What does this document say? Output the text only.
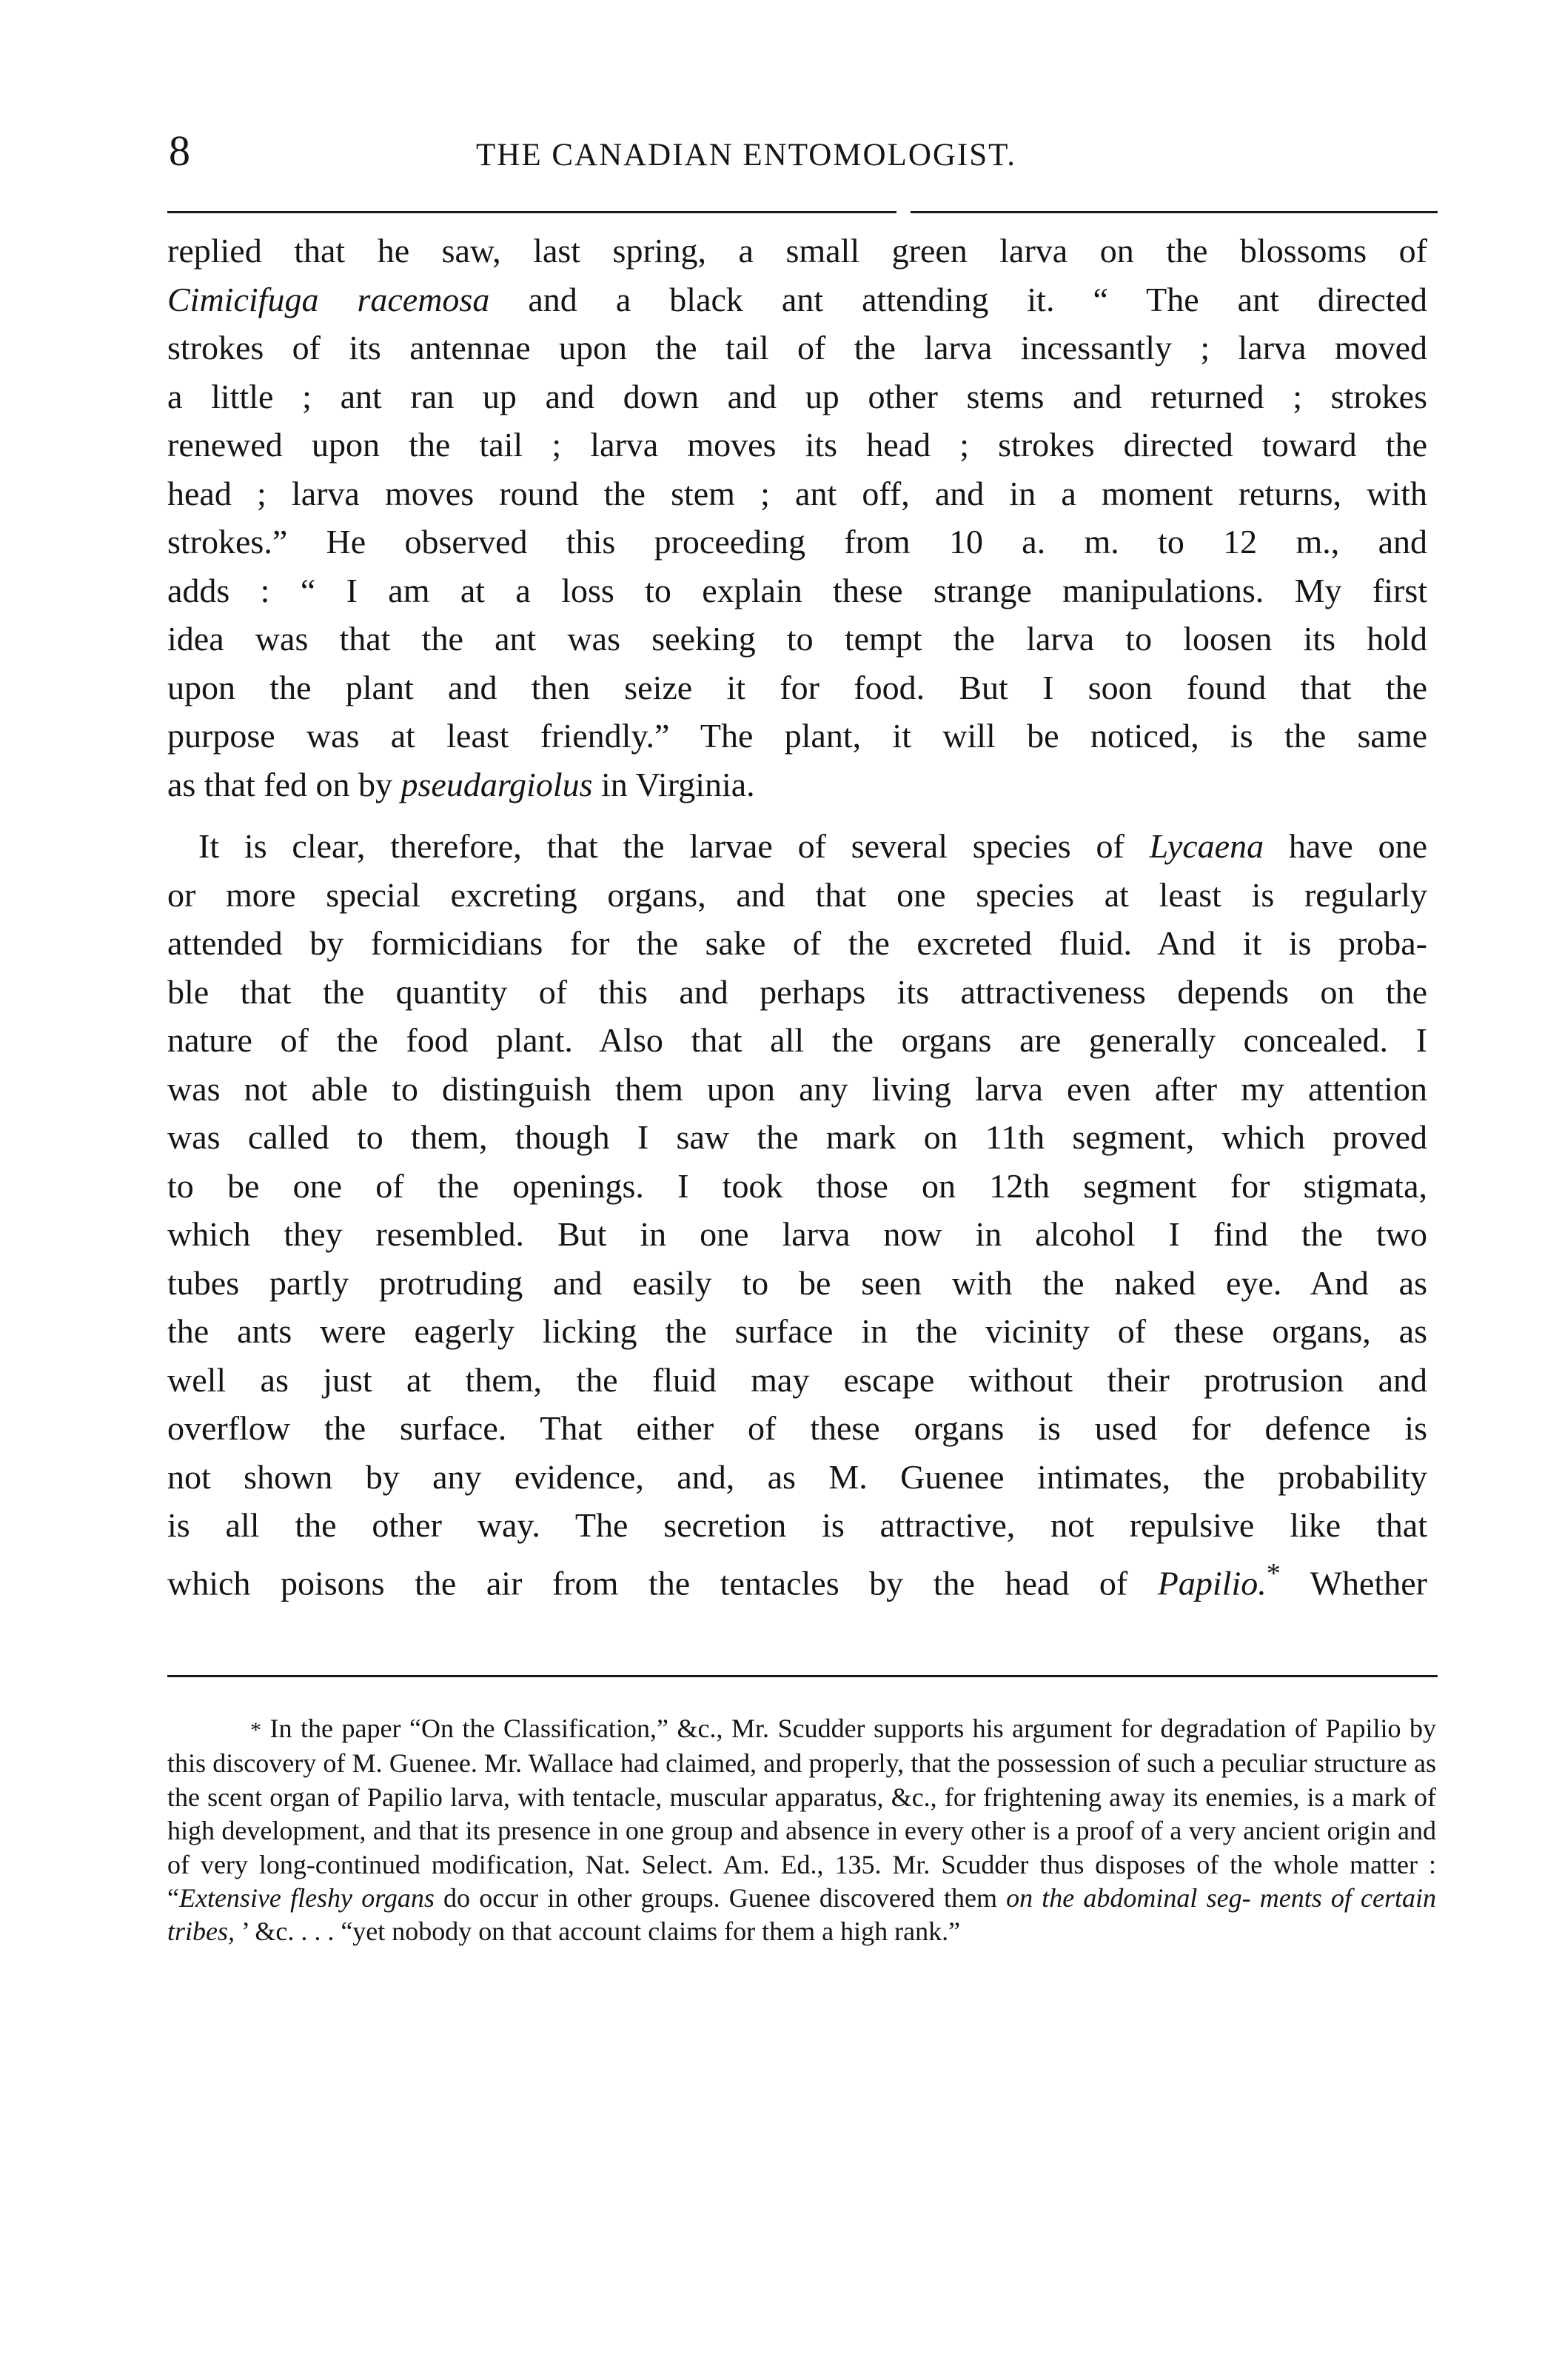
8	THE CANADIAN ENTOMOLOGIST.

replied that he saw, last spring, a small green larva on the blossoms of
Cimicifuga racemosa and a black ant attending it. “ The ant directed
strokes of its antennae upon the tail of the larva incessantly ; larva moved
a little ; ant ran up and down and up other stems and returned ; strokes
renewed upon the tail ; larva moves its head ; strokes directed toward the
head ; larva moves round the stem ; ant off, and in a moment returns, with
strokes.” He observed this proceeding from 10 a. m. to 12 m., and
adds : “ I am at a loss to explain these strange manipulations. My first
idea was that the ant was seeking to tempt the larva to loosen its hold
upon the plant and then seize it for food. But I soon found that the
purpose was at least friendly.” The plant, it will be noticed, is the same

as that fed on by pseudargiolus in Virginia.

It is clear, therefore, that the larvae of several species of Lycaena have one
or more special excreting organs, and that one species at least is regularly
attended by formicidians for the sake of the excreted fluid. And it is proba-
ble that the quantity of this and perhaps its attractiveness depends on the
nature of the food plant. Also that all the organs are generally concealed. I
was not able to distinguish them upon any living larva even after my attention
was called to them, though I saw the mark on 11th segment, which proved
to be one of the openings. I took those on 12th segment for stigmata,
which they resembled. But in one larva now in alcohol I find the two
tubes partly protruding and easily to be seen with the naked eye. And as
the ants were eagerly licking the surface in the vicinity of these organs, as
well as just at them, the fluid may escape without their protrusion and
overflow the surface. That either of these organs is used for defence is
not shown by any evidence, and, as M. Guenee intimates, the probability
is all the other way. The secretion is attractive, not repulsive like that
which poisons the air from the tentacles by the head of Papilio.* Whether

* In the paper “On the Classification,” &c., Mr. Scudder supports his argument for degradation of Papilio by this discovery of M. Guenee. Mr. Wallace had claimed, and properly, that the possession of such a peculiar structure as the scent organ of Papilio larva, with tentacle, muscular apparatus, &c., for frightening away its enemies, is a mark of high development, and that its presence in one group and absence in every other is a proof of a very ancient origin and of very long-continued modification, Nat. Select. Am. Ed., 135. Mr. Scudder thus disposes of the whole matter : “Extensive fleshy organs do occur in other groups. Guenee discovered them on the abdominal seg- ments of certain tribes, ’ &c. . . . “yet nobody on that account claims for them a high rank.”
